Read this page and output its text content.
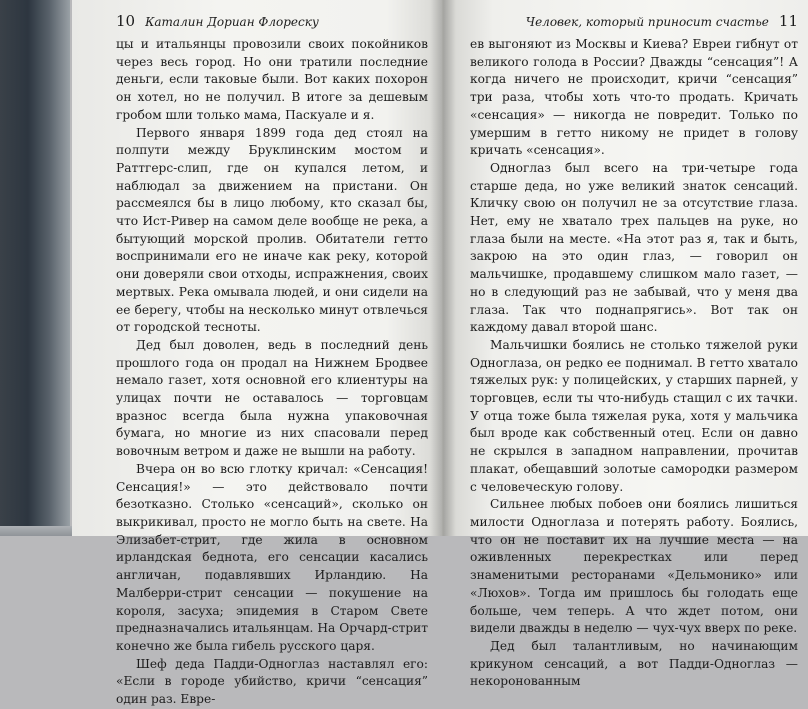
10 Каталин Дориан Флореску

цы и итальянцы провозили своих покойников через весь город. Но они тратили последние деньги, если таковые были. Вот каких похорон он хотел, но не получил. В итоге за дешевым гробом шли только мама, Паскуале и я.

Первого января 1899 года дед стоял на полпути между Бруклинским мостом и Раттгерс-слип, где он купался летом, и наблюдал за движением на пристани. Он рассмеялся бы в лицо любому, кто сказал бы, что Ист-Ривер на самом деле вообще не река, а бытующий морской пролив. Обитатели гетто воспринимали его не иначе как реку, которой они доверяли свои отходы, испражнения, своих мертвых. Река омывала людей, и они сидели на ее берегу, чтобы на несколько минут отвлечься от городской тесноты.

Дед был доволен, ведь в последний день прошлого года он продал на Нижнем Бродвее немало газет, хотя основной его клиентуры на улицах почти не оставалось — торговцам вразнос всегда была нужна упаковочная бумага, но многие из них спасовали перед вовочным ветром и даже не вышли на работу.

Вчера он во всю глотку кричал: «Сенсация! Сенсация!» — это действовало почти безотказно. Столько «сенсаций», сколько он выкрикивал, просто не могло быть на свете. На Элизабет-стрит, где жила в основном ирландская беднота, его сенсации касались англичан, подавлявших Ирландию. На Малберри-стрит сенсации — покушение на короля, засуха; эпидемия в Старом Свете предназначались итальянцам. На Орчард-стрит конечно же была гибель русского царя.

Шеф деда Падди-Одноглаз наставлял его: «Если в городе убийство, кричи “сенсация” один раз. Евре-

Человек, который приносит счастье 11

ев выгоняют из Москвы и Киева? Евреи гибнут от великого голода в России? Дважды “сенсация”! А когда ничего не происходит, кричи “сенсация” три раза, чтобы хоть что-то продать. Кричать «сенсация» — никогда не повредит. Только по умершим в гетто никому не придет в голову кричать «сенсация».

Одноглаз был всего на три-четыре года старше деда, но уже великий знаток сенсаций. Кличку свою он получил не за отсутствие глаза. Нет, ему не хватало трех пальцев на руке, но глаза были на месте. «На этот раз я, так и быть, закрою на это один глаз, — говорил он мальчишке, продавшему слишком мало газет, — но в следующий раз не забывай, что у меня два глаза. Так что поднапрягись». Вот так он каждому давал второй шанс.

Мальчишки боялись не столько тяжелой руки Одноглаза, он редко ее поднимал. В гетто хватало тяжелых рук: у полицейских, у старших парней, у торговцев, если ты что-нибудь стащил с их тачки. У отца тоже была тяжелая рука, хотя у мальчика был вроде как собственный отец. Если он давно не скрылся в западном направлении, прочитав плакат, обещавший золотые самородки размером с человеческую голову.

Сильнее любых побоев они боялись лишиться милости Одноглаза и потерять работу. Боялись, что он не поставит их на лучшие места — на оживленных перекрестках или перед знаменитыми ресторанами «Дельмонико» или «Люхов». Тогда им пришлось бы голодать еще больше, чем теперь. А что ждет потом, они видели дважды в неделю — чух-чух вверх по реке.

Дед был талантливым, но начинающим крикуном сенсаций, а вот Падди-Одноглаз — некоронованным
